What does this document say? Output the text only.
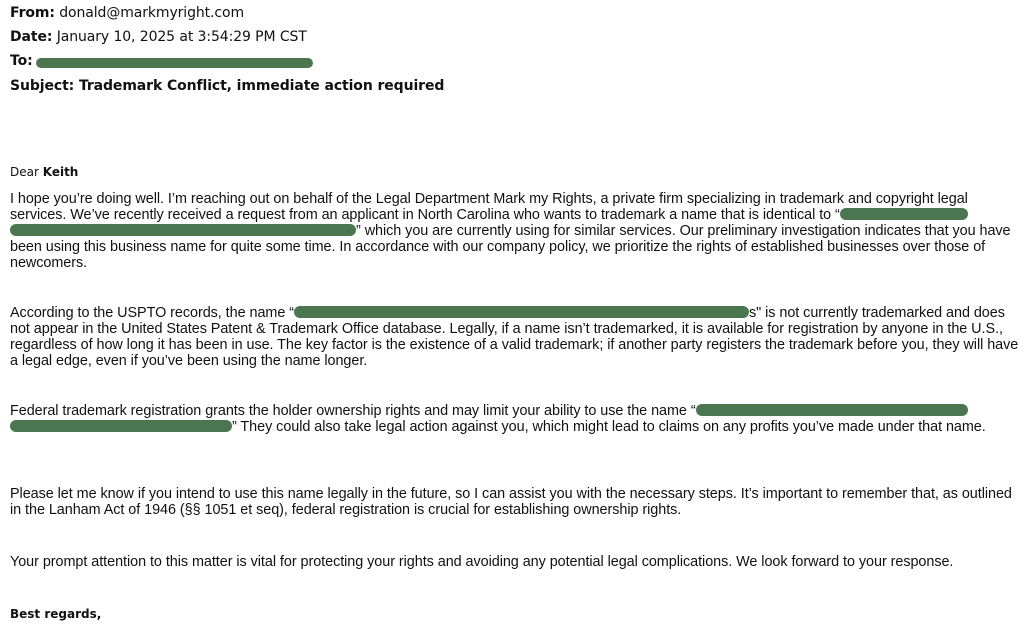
From: donald@markmyright.com
Date: January 10, 2025 at 3:54:29 PM CST
To:
Subject: Trademark Conflict, immediate action required
Dear Keith
I hope you’re doing well. I’m reaching out on behalf of the Legal Department Mark my Rights, a private firm specializing in trademark and copyright legal services. We’ve recently received a request from an applicant in North Carolina who wants to trademark a name that is identical to “ ” which you are currently using for similar services. Our preliminary investigation indicates that you have been using this business name for quite some time. In accordance with our company policy, we prioritize the rights of established businesses over those of newcomers.
According to the USPTO records, the name “	s" is not currently trademarked and does not appear in the United States Patent & Trademark Office database. Legally, if a name isn’t trademarked, it is available for registration by anyone in the U.S., regardless of how long it has been in use. The key factor is the existence of a valid trademark; if another party registers the trademark before you, they will have a legal edge, even if you’ve been using the name longer.
Federal trademark registration grants the holder ownership rights and may limit your ability to use the name “ ” They could also take legal action against you, which might lead to claims on any profits you’ve made under that name.
Please let me know if you intend to use this name legally in the future, so I can assist you with the necessary steps. It’s important to remember that, as outlined in the Lanham Act of 1946 (§§ 1051 et seq), federal registration is crucial for establishing ownership rights.
Your prompt attention to this matter is vital for protecting your rights and avoiding any potential legal complications. We look forward to your response.
Best regards,
